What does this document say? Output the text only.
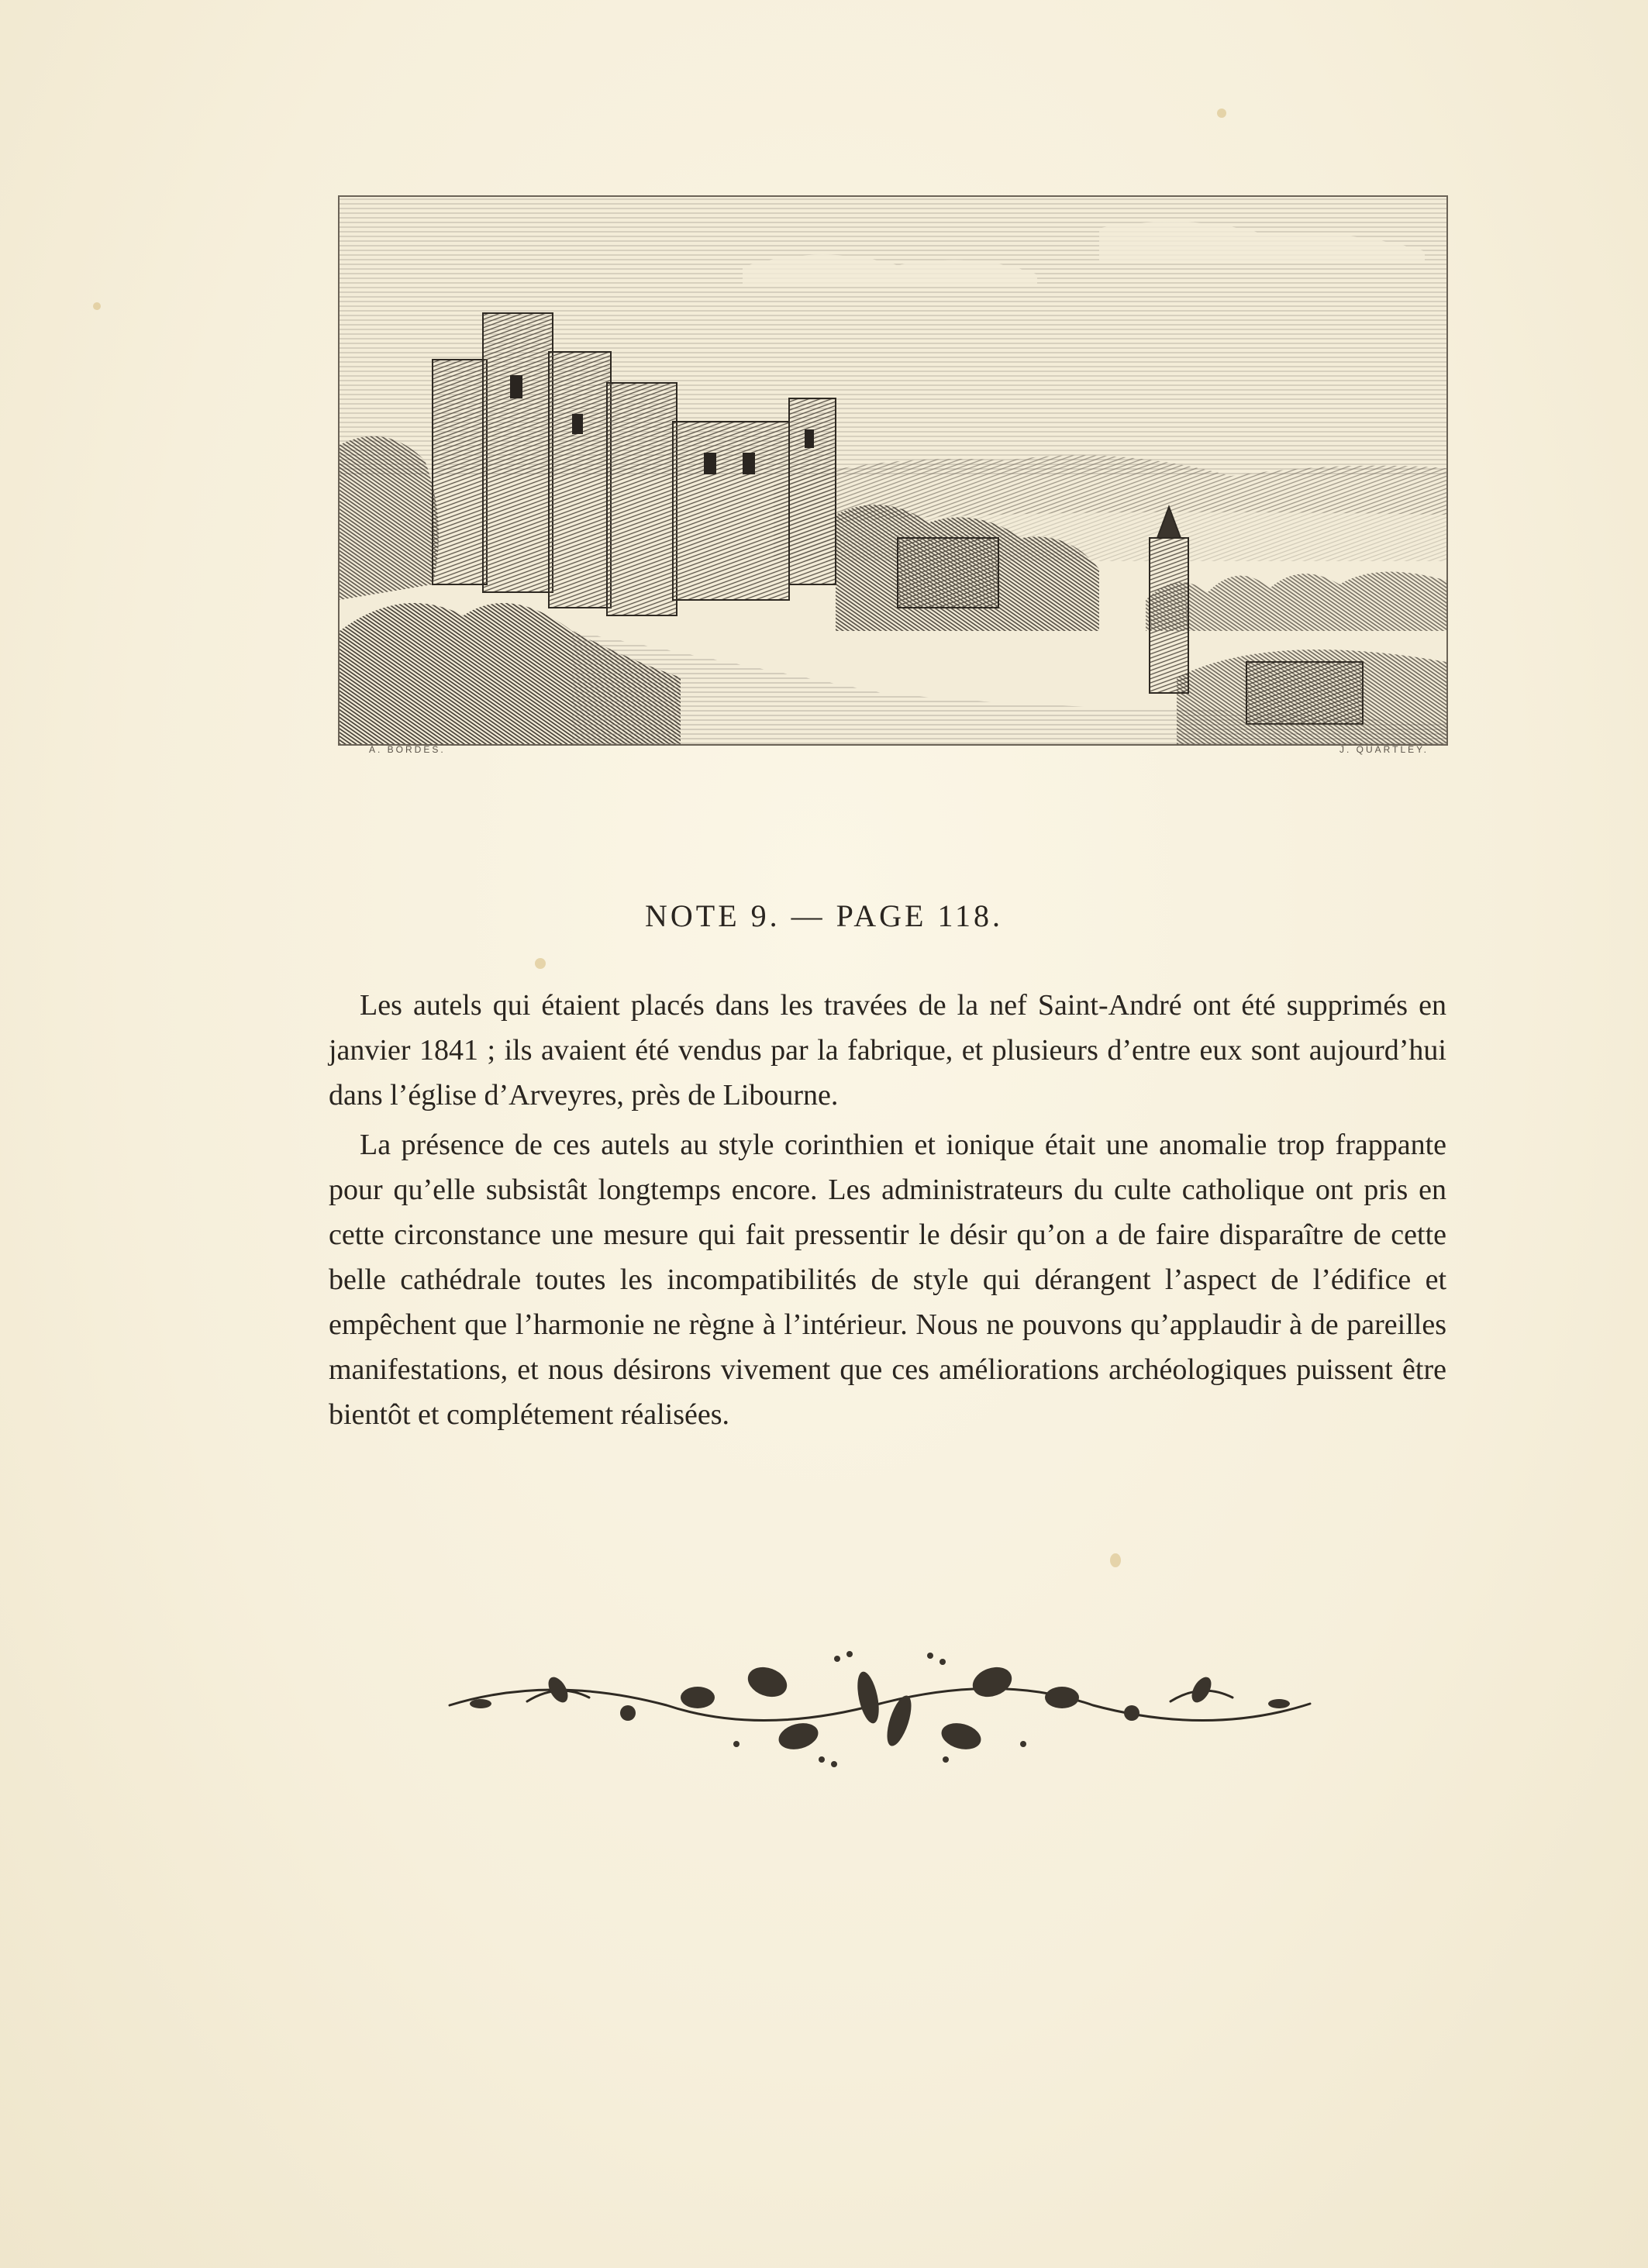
A. BORDES.	J. QUARTLEY.
NOTE 9. — PAGE 118.

Les autels qui étaient placés dans les travées de la nef Saint-André ont été supprimés en janvier 1841 ; ils avaient été vendus par la fabrique, et plusieurs d’entre eux sont aujourd’hui dans l’église d’Arveyres, près de Libourne.

La présence de ces autels au style corinthien et ionique était une anomalie trop frappante pour qu’elle subsistât longtemps encore. Les administrateurs du culte catholique ont pris en cette circonstance une mesure qui fait pressentir le désir qu’on a de faire disparaître de cette belle cathédrale toutes les incompatibilités de style qui dérangent l’aspect de l’édifice et empêchent que l’harmonie ne règne à l’intérieur. Nous ne pouvons qu’applaudir à de pareilles manifestations, et nous désirons vivement que ces améliorations archéologiques puissent être bientôt et complétement réalisées.
